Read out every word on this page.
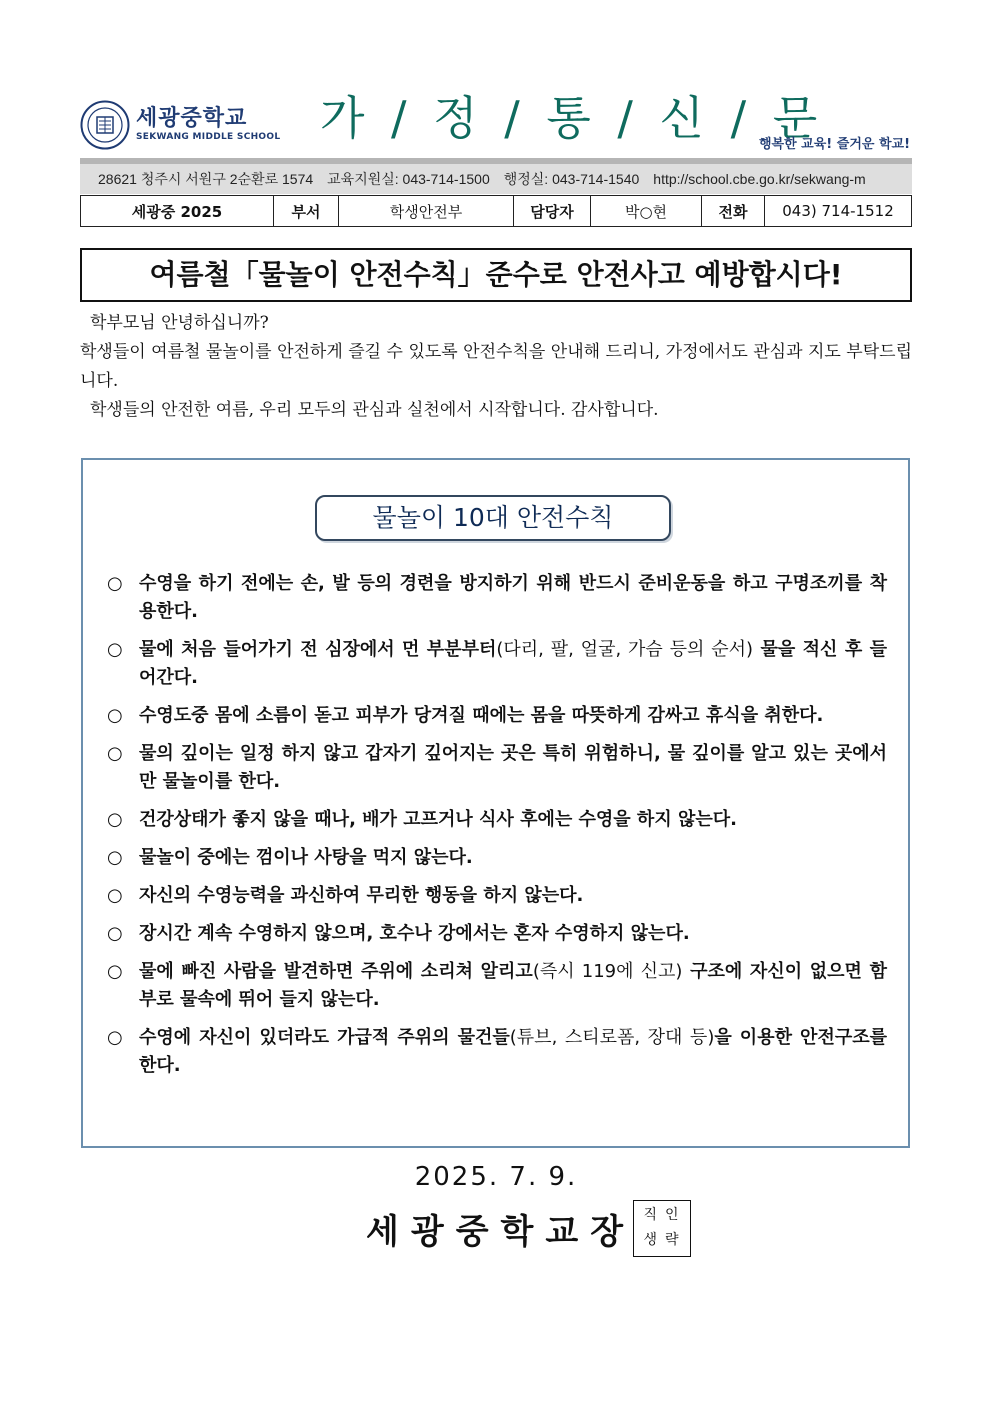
세광중학교
SEKWANG MIDDLE SCHOOL 가 / 정 / 통 / 신 / 문
행복한 교육! 즐거운 학교!
28621 청주시 서원구 2순환로 1574 교육지원실: 043-714-1500 행정실: 043-714-1540 http://school.cbe.go.kr/sekwang-m
세광중 2025	부서	학생안전부	담당자	박○현	전화	043) 714-1512
여름철「물놀이 안전수칙」준수로 안전사고 예방합시다!

학부모님 안녕하십니까?

학생들이 여름철 물놀이를 안전하게 즐길 수 있도록 안전수칙을 안내해 드리니, 가정에서도 관심과 지도 부탁드립니다.

학생들의 안전한 여름, 우리 모두의 관심과 실천에서 시작합니다. 감사합니다.

물놀이 10대 안전수칙
○ 수영을 하기 전에는 손, 발 등의 경련을 방지하기 위해 반드시 준비운동을 하고 구명조끼를 착용한다.
○ 물에 처음 들어가기 전 심장에서 먼 부분부터(다리, 팔, 얼굴, 가슴 등의 순서) 물을 적신 후 들어간다.
○ 수영도중 몸에 소름이 돋고 피부가 당겨질 때에는 몸을 따뜻하게 감싸고 휴식을 취한다.
○ 물의 깊이는 일정 하지 않고 갑자기 깊어지는 곳은 특히 위험하니, 물 깊이를 알고 있는 곳에서만 물놀이를 한다.
○ 건강상태가 좋지 않을 때나, 배가 고프거나 식사 후에는 수영을 하지 않는다.
○ 물놀이 중에는 껌이나 사탕을 먹지 않는다.
○ 자신의 수영능력을 과신하여 무리한 행동을 하지 않는다.
○ 장시간 계속 수영하지 않으며, 호수나 강에서는 혼자 수영하지 않는다.
○ 물에 빠진 사람을 발견하면 주위에 소리쳐 알리고(즉시 119에 신고) 구조에 자신이 없으면 함부로 물속에 뛰어 들지 않는다.
○ 수영에 자신이 있더라도 가급적 주위의 물건들(튜브, 스티로폼, 장대 등)을 이용한 안전구조를 한다.
2025. 7. 9.
세광중학교장 직인
생략
